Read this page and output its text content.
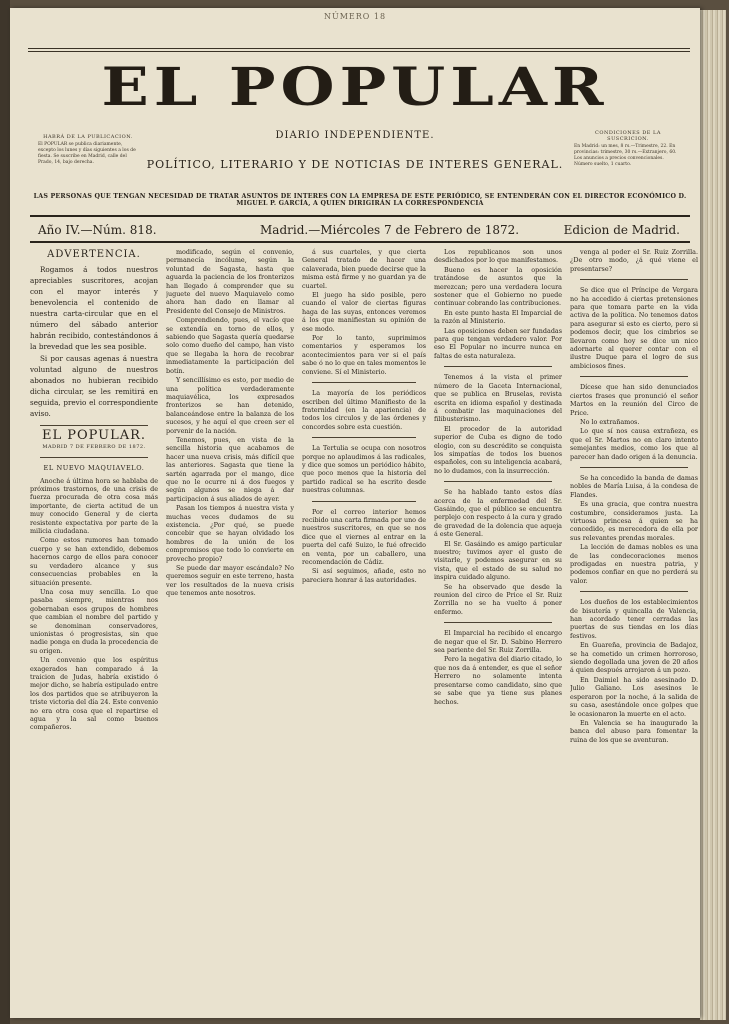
NÚMERO 18
EL POPULAR
DIARIO INDEPENDIENTE.
POLÍTICO, LITERARIO Y DE NOTICIAS DE INTERES GENERAL.
HABRÁ DE LA PUBLICACION.
El POPULAR se publica diariamente, excepto los lunes y días siguientes a los de fiesta. Se suscribe en Madrid, calle del Prado, 14, bajo derecha.
CONDICIONES DE LA SUSCRICION.
En Madrid: un mes, 8 rs.—Trimestre, 22. En provincias: trimestre, 30 rs.—Extranjero, 60. Los anuncios a precios convencionales. Número suelto, 1 cuarto.
LAS PERSONAS QUE TENGAN NECESIDAD DE TRATAR ASUNTOS DE INTERES CON LA EMPRESA DE ESTE PERIÓDICO, SE ENTENDERÁN CON EL DIRECTOR ECONÓMICO D. MIGUEL P. GARCÍA, A QUIEN DIRIGIRÁN LA CORRESPONDENCIA
Año IV.—Núm. 818.	Madrid.—Miércoles 7 de Febrero de 1872.	Edicion de Madrid.
ADVERTENCIA.

Rogamos á todos nuestros apreciables suscritores, acojan con el mayor interés y benevolencia el contenido de nuestra carta-circular que en el número del sábado anterior habrán recibido, contestándonos á la brevedad que les sea posible.

Si por causas agenas á nuestra voluntad alguno de nuestros abonados no hubieran recibido dicha circular, se les remitirá en seguida, previo el correspondiente aviso.

EL POPULAR.
MADRID 7 DE FEBRERO DE 1872.
EL NUEVO MAQUIAVELO.

Anoche á última hora se hablaba de próximos trastornos, de una crisis de fuerza procurada de otra cosa más importante, de cierta actitud de un muy conocido General y de cierta resistente expectativa por parte de la milicia ciudadana.

Como estos rumores han tomado cuerpo y se han extendido, debemos hacernos cargo de ellos para conocer su verdadero alcance y sus consecuencias probables en la situación presente.

Una cosa muy sencilla. Lo que pasaba siempre, mientras nos gobernaban esos grupos de hombres que cambian el nombre del partido y se denominan conservadores, unionistas ó progresistas, sin que nadie ponga en duda la procedencia de su origen.

Un convenio que los espíritus exagerados han comparado á la traicion de Judas, habría existido ó mejor dicho, se habría estipulado entre los dos partidos que se atribuyeron la triste victoria del día 24. Este convenio no era otra cosa que el repartirse el agua y la sal como buenos compañeros.

modificado, según el convenio, permanecía incólume, según la voluntad de Sagasta, hasta que aguarda la paciencia de los fronterizos han llegado á comprender que su juguete del nuevo Maquiavelo como ahora han dado en llamar al Presidente del Consejo de Ministros.

Comprendiendo, pues, el vacío que se extendía en torno de ellos, y sabiendo que Sagasta quería quedarse solo como dueño del campo, han visto que se llegaba la hora de recobrar inmediatamente la participación del botín.

Y sencillísimo es esto, por medio de una política verdaderamente maquiavélica, los expresados fronterizos se han detenido, balanceándose entre la balanza de los sucesos, y he aquí el que creen ser el porvenir de la nación.

Tenemos, pues, en vista de la sencilla historia que acabamos de hacer una nueva crisis, más difícil que las anteriores. Sagasta que tiene la sartén agarrada por el mango, dice que no le ocurre ni á dos fuegos y según algunos se niega á dar participacion á sus aliados de ayer.

Pasan los tiempos á nuestra vista y muchas veces dudamos de su existencia. ¿Por qué, se puede concebir que se hayan olvidado los hombres de la unión de los compromisos que todo lo convierte en provecho propio?

Se puede dar mayor escándalo? No queremos seguir en este terreno, hasta ver los resultados de la nueva crisis que tenemos ante nosotros.

á sus cuarteles, y que cierta General tratado de hacer una calaverada, bien puede decirse que la misma está firme y no guardan ya de cuartel.

El juego ha sido posible, pero cuando el valor de ciertas figuras haga de las suyas, entonces veremos á los que manifiestan su opinión de ese modo.

Por lo tanto, suprimimos comentarios y esperamos los acontecimientos para ver si el país sabe ó no lo que en tales momentos le conviene. Sí el Ministerio.

La mayoría de los periódicos escriben del último Manifiesto de la fraternidad (en la apariencia) de todos los circulos y de las órdenes y concordes sobre esta cuestión.

La Tertulia se ocupa con nosotros porque no aplaudimos á las radicales, y dice que somos un periódico hábito, que poco menos que la historia del partido radical se ha escrito desde nuestras columnas.

Por el correo interior hemos recibido una carta firmada por uno de nuestros suscritores, en que se nos dice que el viernes al entrar en la puerta del café Suizo, le fué ofrecido en venta, por un caballero, una recomendación de Cádiz.

Si así seguimos, añade, esto no pareciera honrar á las autoridades.

Los republicanos son unos desdichados por lo que manifestamos.

Bueno es hacer la oposición tratándose de asuntos que la merezcan; pero una verdadera locura sostener que el Gobierno no puede continuar cobrando las contribuciones.

En este punto hasta El Imparcial de la razón al Ministerio.

Las oposiciones deben ser fundadas para que tengan verdadero valor. Por eso El Popular no incurre nunca en faltas de esta naturaleza.

Tenemos á la vista el primer número de la Gaceta Internacional, que se publica en Bruselas, revista escrita en idioma español y destinada á combatir las maquinaciones del filibusterismo.

El procedor de la autoridad superior de Cuba es digno de todo elogio, con su descrédito se conquista los simpatías de todos los buenos españoles, con su inteligencia acabará, no lo dudamos, con la insurrección.

Se ha hablado tanto estos días acerca de la enfermedad del Sr. Gasáindo, que el público se encuentra perplejo con respecto á la cura y grado de gravedad de la dolencia que aqueja á este General.

El Sr. Gasáindo es amigo particular nuestro; tuvimos ayer el gusto de visitarle, y podemos asegurar en su vista, que el estado de su salud no inspira cuidado alguno.

Se ha observado que desde la reunion del circo de Price el Sr. Ruiz Zorrilla no se ha vuelto á poner enfermo.

El Imparcial ha recibido el encargo de negar que el Sr. D. Sabino Herrero sea pariente del Sr. Ruiz Zorrilla.

Pero la negativa del diario citado, lo que nos da á entender, es que el señor Herrero no solamente intenta presentarse como candidato, sino que se sabe que ya tiene sus planes hechos.

venga al poder el Sr. Ruiz Zorrilla. ¿De otro modo, ¿á qué viene el presentarse?

Se dice que el Príncipe de Vergara no ha accedido á ciertas pretensiones para que tomara parte en la vida activa de la política. No tenemos datos para asegurar si esto es cierto, pero si podemos decir, que los cimbrios se llevaron como hoy se dice un nico adornarte al querer contar con el ilustre Duque para el logro de sus ambiciosos fines.

Dícese que han sido denunciados ciertos frases que pronunció el señor Martos en la reunión del Circo de Price.

No lo extrañamos.

Lo que sí nos causa extrañeza, es que el Sr. Martos no en claro intento semejantes medios, como los que al parecer han dado origen á la denuncia.

Se ha concedido la banda de damas nobles de María Luisa, á la condesa de Flandes.

Es una gracia, que contra nuestra costumbre, consideramos justa. La virtuosa princesa á quien se ha concedido, es merecedora de ella por sus relevantes prendas morales.

La lección de damas nobles es una de las condecoraciones menos prodigadas en nuestra patria, y podemos confiar en que no perderá su valor.

Los dueños de los establecimientos de bisutería y quincalla de Valencia, han acordado tener cerradas las puertas de sus tiendas en los días festivos.

En Guareña, provincia de Badajoz, se ha cometido un crimen horroroso, siendo degollada una joven de 20 años á quien después arrojaron á un pozo.

En Daimiel ha sido asesinado D. Julio Galiano. Los asesinos le esperaron por la noche, á la salida de su casa, asestándole once golpes que le ocasionaron la muerte en el acto.

En Valencia se ha inaugurado la banca del abuso para fomentar la ruina de los que se aventuran.
